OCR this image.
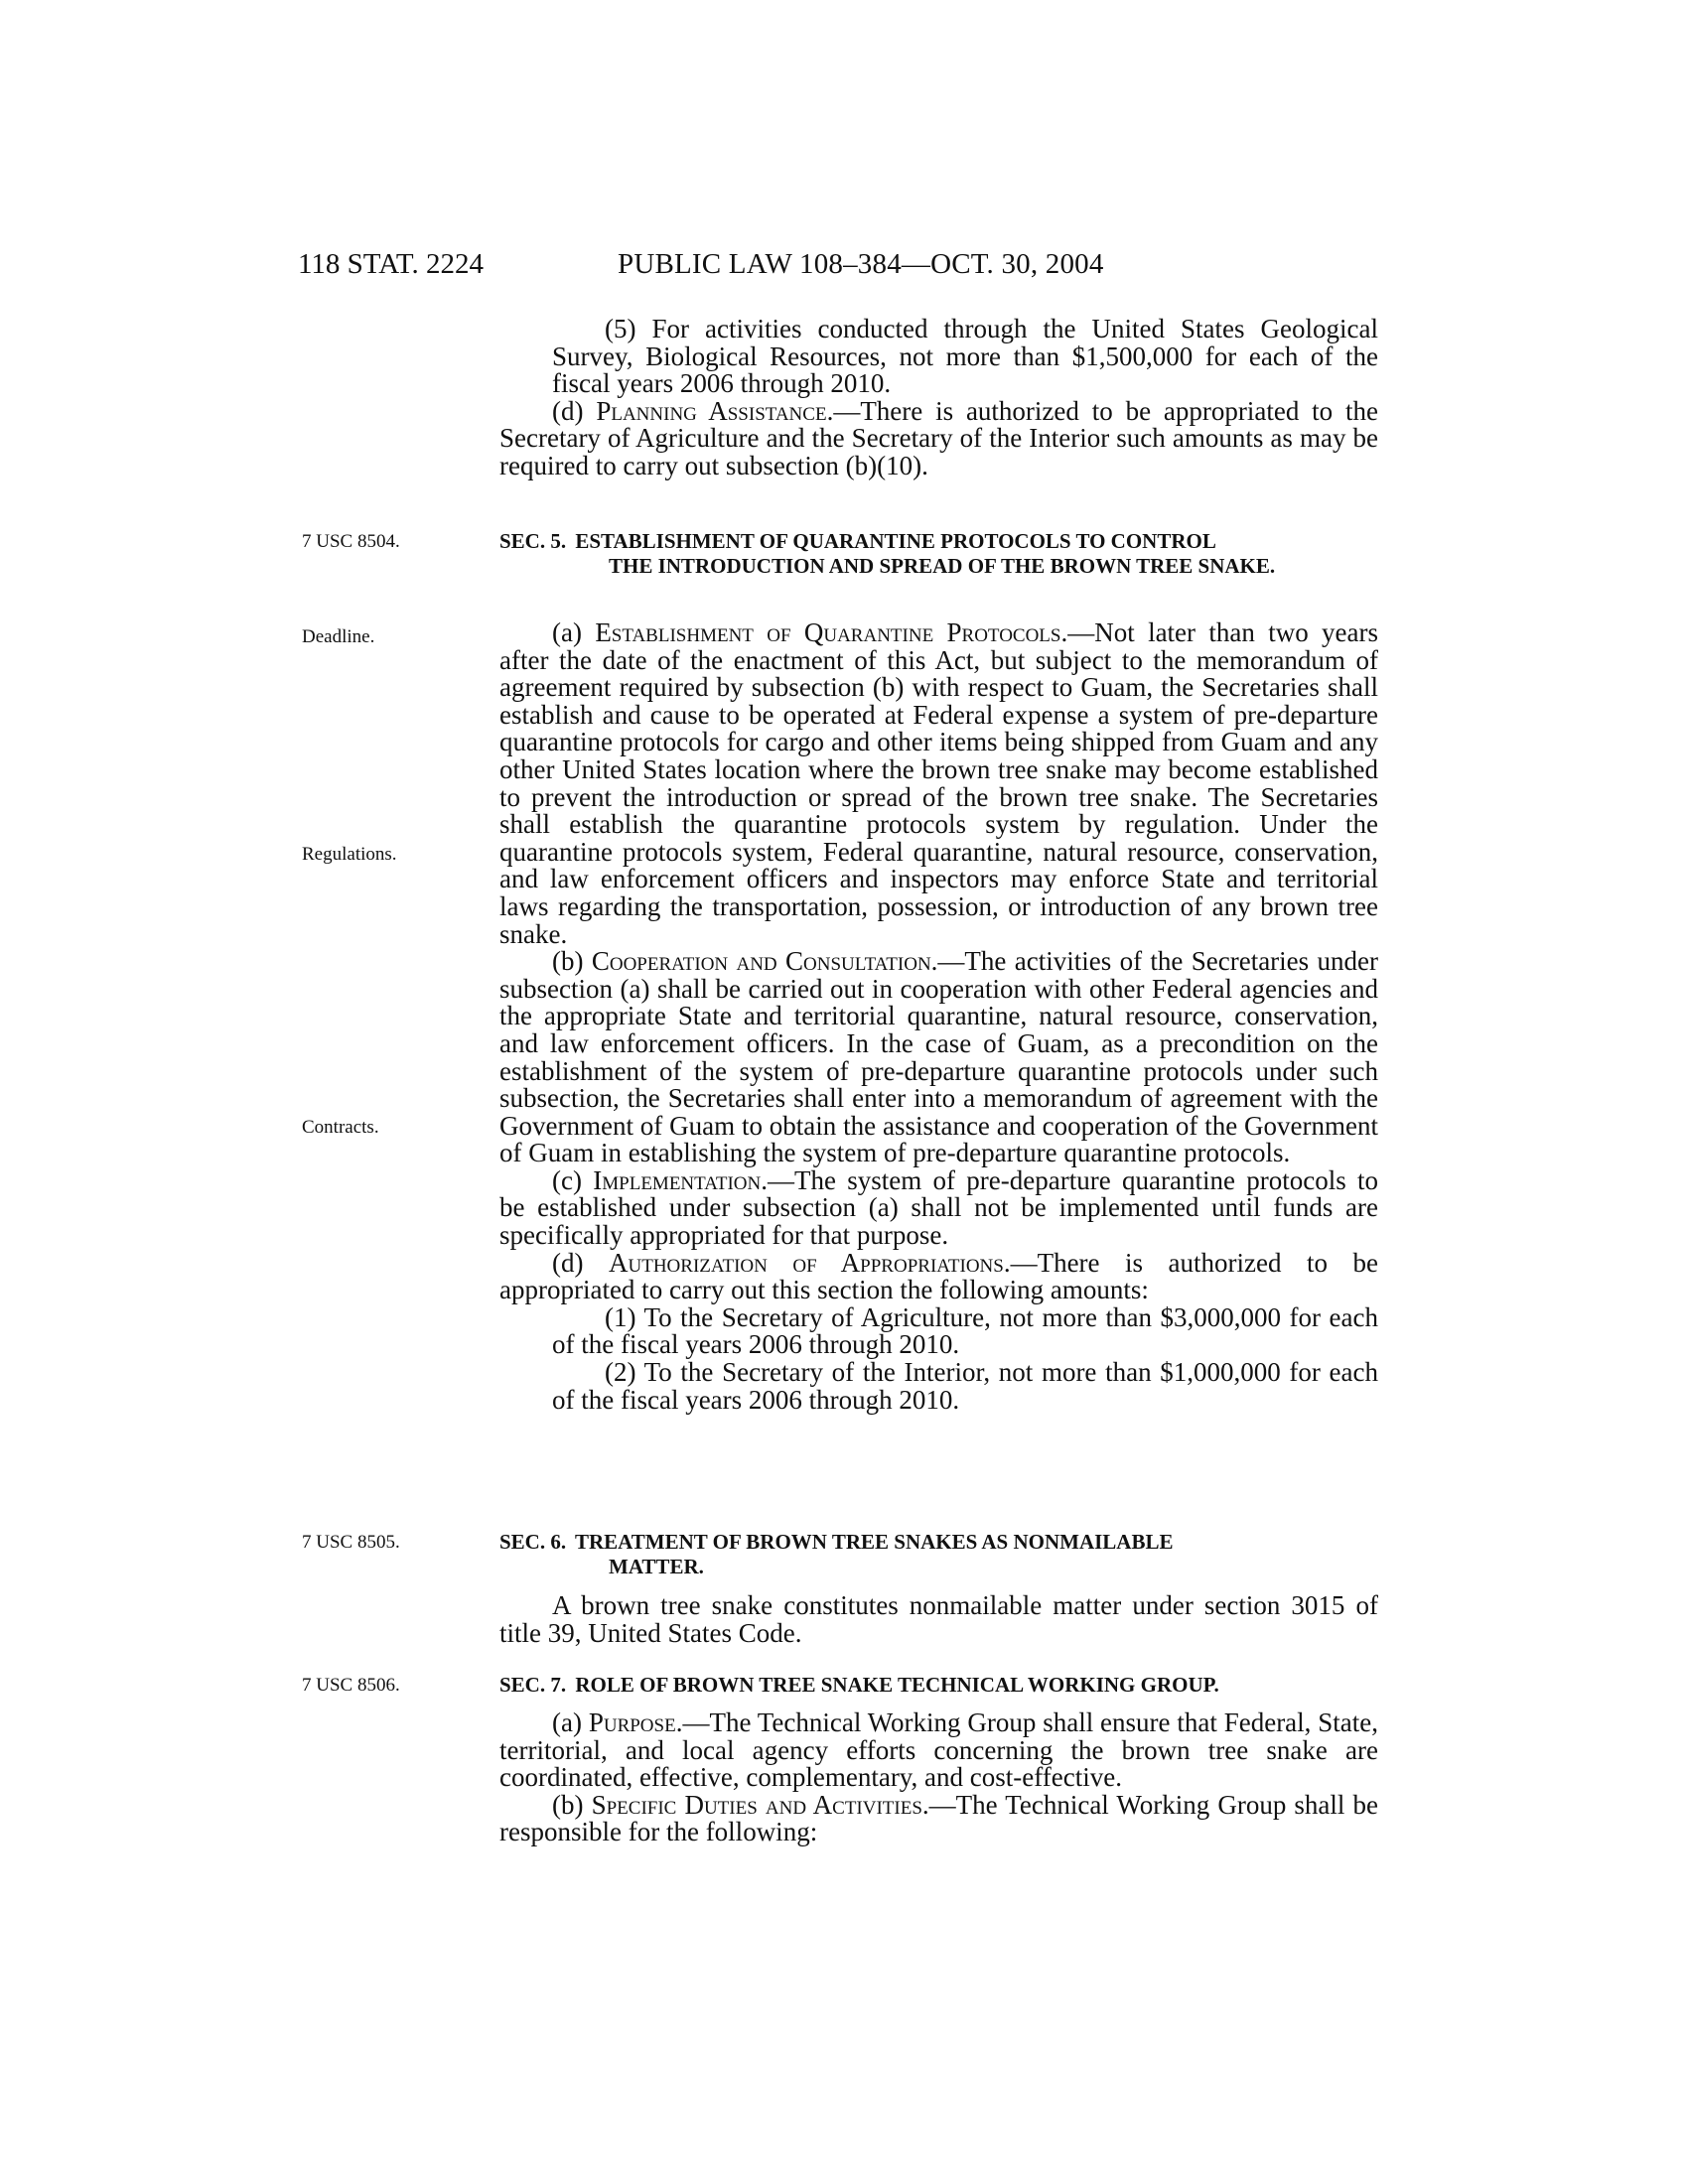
118 STAT. 2224	PUBLIC LAW 108–384—OCT. 30, 2004

(5) For activities conducted through the United States Geological Survey, Biological Resources, not more than $1,500,000 for each of the fiscal years 2006 through 2010.

(d) Planning Assistance.—There is authorized to be appropriated to the Secretary of Agriculture and the Secretary of the Interior such amounts as may be required to carry out subsection (b)(10).

7 USC 8504.	SEC. 5. ESTABLISHMENT OF QUARANTINE PROTOCOLS TO CONTROL
THE INTRODUCTION AND SPREAD OF THE BROWN TREE SNAKE.
Deadline.
Regulations.
Contracts.

(a) Establishment of Quarantine Protocols.—Not later than two years after the date of the enactment of this Act, but subject to the memorandum of agreement required by subsection (b) with respect to Guam, the Secretaries shall establish and cause to be operated at Federal expense a system of pre-departure quarantine protocols for cargo and other items being shipped from Guam and any other United States location where the brown tree snake may become established to prevent the introduction or spread of the brown tree snake. The Secretaries shall establish the quarantine protocols system by regulation. Under the quarantine protocols system, Federal quarantine, natural resource, conservation, and law enforcement officers and inspectors may enforce State and territorial laws regarding the transportation, possession, or introduction of any brown tree snake.

(b) Cooperation and Consultation.—The activities of the Secretaries under subsection (a) shall be carried out in cooperation with other Federal agencies and the appropriate State and territorial quarantine, natural resource, conservation, and law enforcement officers. In the case of Guam, as a precondition on the establishment of the system of pre-departure quarantine protocols under such subsection, the Secretaries shall enter into a memorandum of agreement with the Government of Guam to obtain the assistance and cooperation of the Government of Guam in establishing the system of pre-departure quarantine protocols.

(c) Implementation.—The system of pre-departure quarantine protocols to be established under subsection (a) shall not be implemented until funds are specifically appropriated for that purpose.

(d) Authorization of Appropriations.—There is authorized to be appropriated to carry out this section the following amounts:

(1) To the Secretary of Agriculture, not more than $3,000,000 for each of the fiscal years 2006 through 2010.

(2) To the Secretary of the Interior, not more than $1,000,000 for each of the fiscal years 2006 through 2010.

7 USC 8505.	SEC. 6. TREATMENT OF BROWN TREE SNAKES AS NONMAILABLE
MATTER.

A brown tree snake constitutes nonmailable matter under section 3015 of title 39, United States Code.

7 USC 8506.	SEC. 7. ROLE OF BROWN TREE SNAKE TECHNICAL WORKING GROUP.

(a) Purpose.—The Technical Working Group shall ensure that Federal, State, territorial, and local agency efforts concerning the brown tree snake are coordinated, effective, complementary, and cost-effective.

(b) Specific Duties and Activities.—The Technical Working Group shall be responsible for the following:
